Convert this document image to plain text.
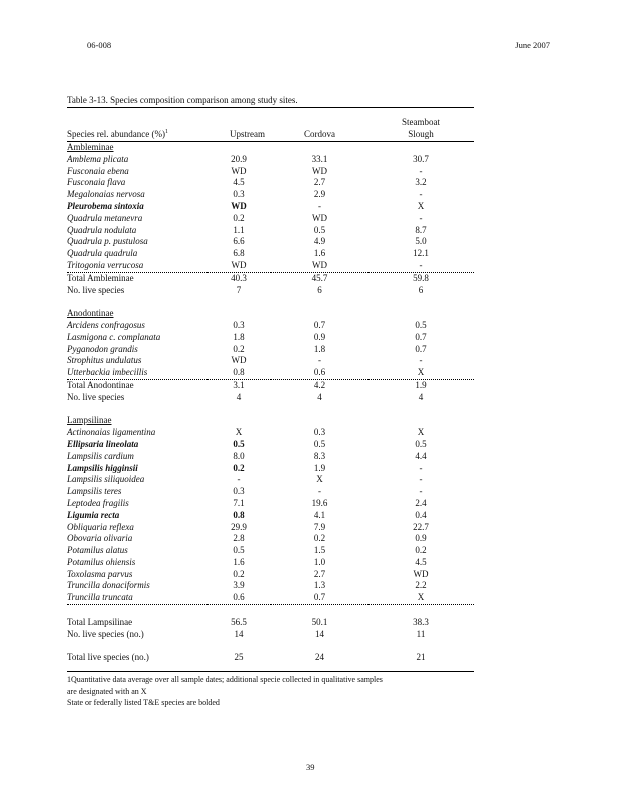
06-008	June 2007
Table 3-13. Species composition comparison among study sites.
Species rel. abundance (%)$^1$	Upstream	Cordova	Steamboat
Slough

Ambleminae			
Amblema plicata	20.9	33.1	30.7
Fusconaia ebena	WD	WD	-
Fusconaia flava	4.5	2.7	3.2
Megalonaias nervosa	0.3	2.9	-
Pleurobema sintoxia	WD	-	X
Quadrula metanevra	0.2	WD	-
Quadrula nodulata	1.1	0.5	8.7
Quadrula p. pustulosa	6.6	4.9	5.0
Quadrula quadrula	6.8	1.6	12.1
Tritogonia verrucosa	WD	WD	-
Total Ambleminae	40.3	45.7	59.8
No. live species	7	6	6

Anodontinae			
Arcidens confragosus	0.3	0.7	0.5
Lasmigona c. complanata	1.8	0.9	0.7
Pyganodon grandis	0.2	1.8	0.7
Strophitus undulatus	WD	-	-
Utterbackia imbecillis	0.8	0.6	X
Total Anodontinae	3.1	4.2	1.9
No. live species	4	4	4

Lampsilinae			
Actinonaias ligamentina	X	0.3	X
Ellipsaria lineolata	0.5	0.5	0.5
Lampsilis cardium	8.0	8.3	4.4
Lampsilis higginsii	0.2	1.9	-
Lampsilis siliquoidea	-	X	-
Lampsilis teres	0.3	-	-
Leptodea fragilis	7.1	19.6	2.4
Ligumia recta	0.8	4.1	0.4
Obliquaria reflexa	29.9	7.9	22.7
Obovaria olivaria	2.8	0.2	0.9
Potamilus alatus	0.5	1.5	0.2
Potamilus ohiensis	1.6	1.0	4.5
Toxolasma parvus	0.2	2.7	WD
Truncilla donaciformis	3.9	1.3	2.2
Truncilla truncata	0.6	0.7	X

Total Lampsilinae	56.5	50.1	38.3
No. live species (no.)	14	14	11

Total live species (no.)	25	24	21
1Quantitative data average over all sample dates; additional specie collected in qualitative samples
are designated with an X
State or federally listed T&E species are bolded
39
